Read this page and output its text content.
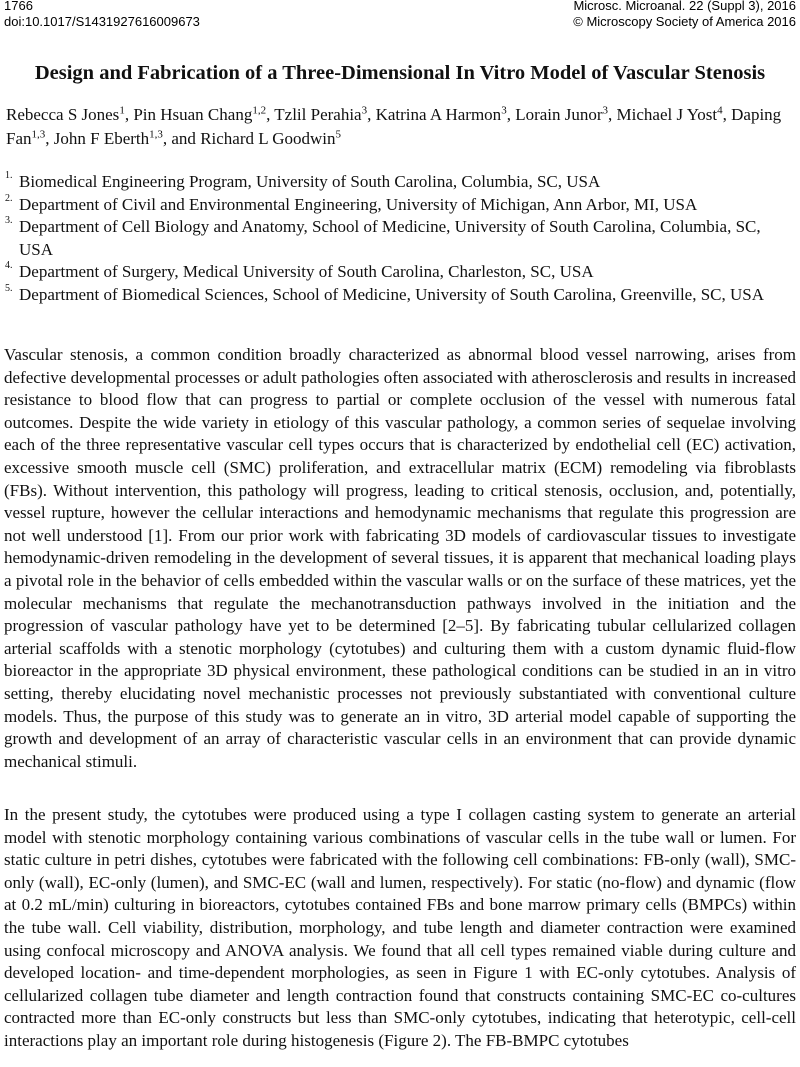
1766
doi:10.1017/S1431927616009673
Microsc. Microanal. 22 (Suppl 3), 2016
© Microscopy Society of America 2016
Design and Fabrication of a Three-Dimensional In Vitro Model of Vascular Stenosis

Rebecca S Jones$^1$, Pin Hsuan Chang$^{1,2}$, Tzlil Perahia$^3$, Katrina A Harmon$^3$, Lorain Junor$^3$, Michael J Yost$^4$, Daping Fan$^{1,3}$, John F Eberth$^{1,3}$, and Richard L Goodwin$^5$

1. Biomedical Engineering Program, University of South Carolina, Columbia, SC, USA
2. Department of Civil and Environmental Engineering, University of Michigan, Ann Arbor, MI, USA
3. Department of Cell Biology and Anatomy, School of Medicine, University of South Carolina, Columbia, SC, USA
4. Department of Surgery, Medical University of South Carolina, Charleston, SC, USA
5. Department of Biomedical Sciences, School of Medicine, University of South Carolina, Greenville, SC, USA

Vascular stenosis, a common condition broadly characterized as abnormal blood vessel narrowing, arises from defective developmental processes or adult pathologies often associated with atherosclerosis and results in increased resistance to blood flow that can progress to partial or complete occlusion of the vessel with numerous fatal outcomes. Despite the wide variety in etiology of this vascular pathology, a common series of sequelae involving each of the three representative vascular cell types occurs that is characterized by endothelial cell (EC) activation, excessive smooth muscle cell (SMC) proliferation, and extracellular matrix (ECM) remodeling via fibroblasts (FBs). Without intervention, this pathology will progress, leading to critical stenosis, occlusion, and, potentially, vessel rupture, however the cellular interactions and hemodynamic mechanisms that regulate this progression are not well understood [1]. From our prior work with fabricating 3D models of cardiovascular tissues to investigate hemodynamic-driven remodeling in the development of several tissues, it is apparent that mechanical loading plays a pivotal role in the behavior of cells embedded within the vascular walls or on the surface of these matrices, yet the molecular mechanisms that regulate the mechanotransduction pathways involved in the initiation and the progression of vascular pathology have yet to be determined [2–5]. By fabricating tubular cellularized collagen arterial scaffolds with a stenotic morphology (cytotubes) and culturing them with a custom dynamic fluid-flow bioreactor in the appropriate 3D physical environment, these pathological conditions can be studied in an in vitro setting, thereby elucidating novel mechanistic processes not previously substantiated with conventional culture models. Thus, the purpose of this study was to generate an in vitro, 3D arterial model capable of supporting the growth and development of an array of characteristic vascular cells in an environment that can provide dynamic mechanical stimuli.

In the present study, the cytotubes were produced using a type I collagen casting system to generate an arterial model with stenotic morphology containing various combinations of vascular cells in the tube wall or lumen. For static culture in petri dishes, cytotubes were fabricated with the following cell combinations: FB-only (wall), SMC-only (wall), EC-only (lumen), and SMC-EC (wall and lumen, respectively). For static (no-flow) and dynamic (flow at 0.2 mL/min) culturing in bioreactors, cytotubes contained FBs and bone marrow primary cells (BMPCs) within the tube wall. Cell viability, distribution, morphology, and tube length and diameter contraction were examined using confocal microscopy and ANOVA analysis. We found that all cell types remained viable during culture and developed location- and time-dependent morphologies, as seen in Figure 1 with EC-only cytotubes. Analysis of cellularized collagen tube diameter and length contraction found that constructs containing SMC-EC co-cultures contracted more than EC-only constructs but less than SMC-only cytotubes, indicating that heterotypic, cell-cell interactions play an important role during histogenesis (Figure 2). The FB-BMPC cytotubes
